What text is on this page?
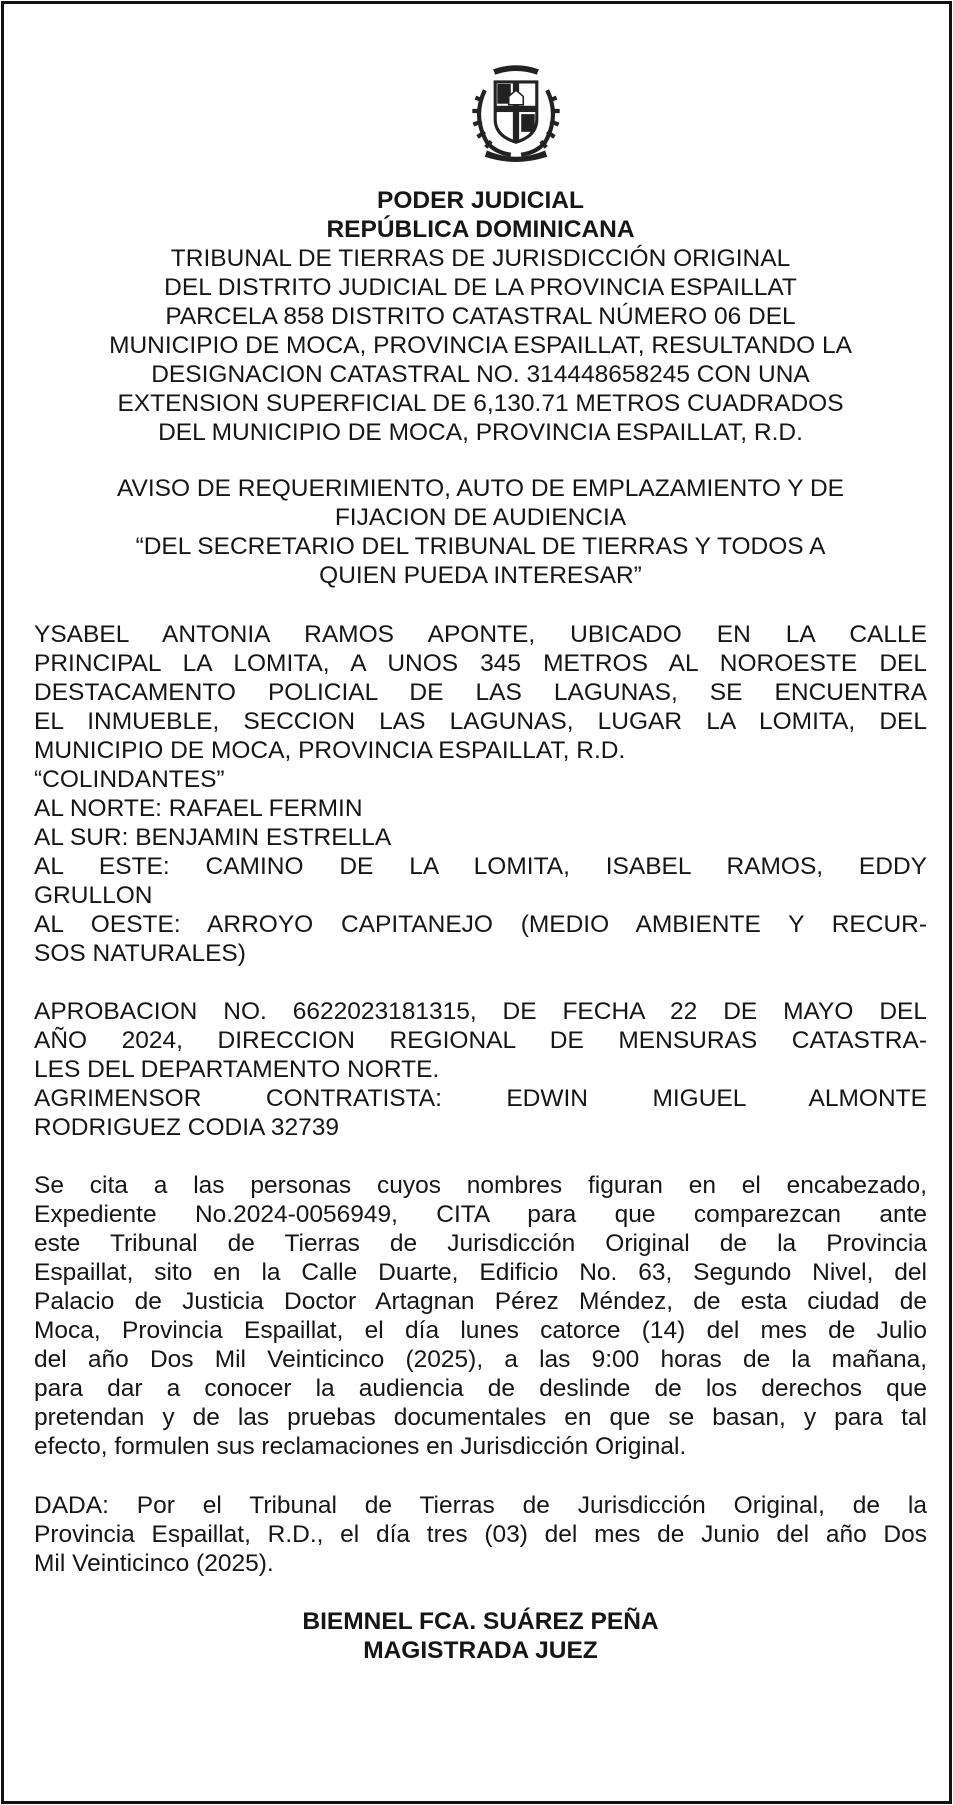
PODER JUDICIAL
REPÚBLICA DOMINICANA
TRIBUNAL DE TIERRAS DE JURISDICCIÓN ORIGINAL
DEL DISTRITO JUDICIAL DE LA PROVINCIA ESPAILLAT
PARCELA 858 DISTRITO CATASTRAL NÚMERO 06 DEL
MUNICIPIO DE MOCA, PROVINCIA ESPAILLAT, RESULTANDO LA
DESIGNACION CATASTRAL NO. 314448658245 CON UNA
EXTENSION SUPERFICIAL DE 6,130.71 METROS CUADRADOS
DEL MUNICIPIO DE MOCA, PROVINCIA ESPAILLAT, R.D.
AVISO DE REQUERIMIENTO, AUTO DE EMPLAZAMIENTO Y DE
FIJACION DE AUDIENCIA
“DEL SECRETARIO DEL TRIBUNAL DE TIERRAS Y TODOS A
QUIEN PUEDA INTERESAR”
YSABEL ANTONIA RAMOS APONTE, UBICADO EN LA CALLE
PRINCIPAL LA LOMITA, A UNOS 345 METROS AL NOROESTE DEL
DESTACAMENTO POLICIAL DE LAS LAGUNAS, SE ENCUENTRA
EL INMUEBLE, SECCION LAS LAGUNAS, LUGAR LA LOMITA, DEL
MUNICIPIO DE MOCA, PROVINCIA ESPAILLAT, R.D.
“COLINDANTES”
AL NORTE: RAFAEL FERMIN
AL SUR: BENJAMIN ESTRELLA
AL ESTE: CAMINO DE LA LOMITA, ISABEL RAMOS, EDDY
GRULLON
AL OESTE: ARROYO CAPITANEJO (MEDIO AMBIENTE Y RECUR-
SOS NATURALES)
APROBACION NO. 6622023181315, DE FECHA 22 DE MAYO DEL
AÑO 2024, DIRECCION REGIONAL DE MENSURAS CATASTRA-
LES DEL DEPARTAMENTO NORTE.
AGRIMENSOR CONTRATISTA: EDWIN MIGUEL ALMONTE
RODRIGUEZ CODIA 32739
Se cita a las personas cuyos nombres figuran en el encabezado,
Expediente No.2024-0056949, CITA para que comparezcan ante
este Tribunal de Tierras de Jurisdicción Original de la Provincia
Espaillat, sito en la Calle Duarte, Edificio No. 63, Segundo Nivel, del
Palacio de Justicia Doctor Artagnan Pérez Méndez, de esta ciudad de
Moca, Provincia Espaillat, el día lunes catorce (14) del mes de Julio
del año Dos Mil Veinticinco (2025), a las 9:00 horas de la mañana,
para dar a conocer la audiencia de deslinde de los derechos que
pretendan y de las pruebas documentales en que se basan, y para tal
efecto, formulen sus reclamaciones en Jurisdicción Original.
DADA: Por el Tribunal de Tierras de Jurisdicción Original, de la
Provincia Espaillat, R.D., el día tres (03) del mes de Junio del año Dos
Mil Veinticinco (2025).
BIEMNEL FCA. SUÁREZ PEÑA
MAGISTRADA JUEZ
